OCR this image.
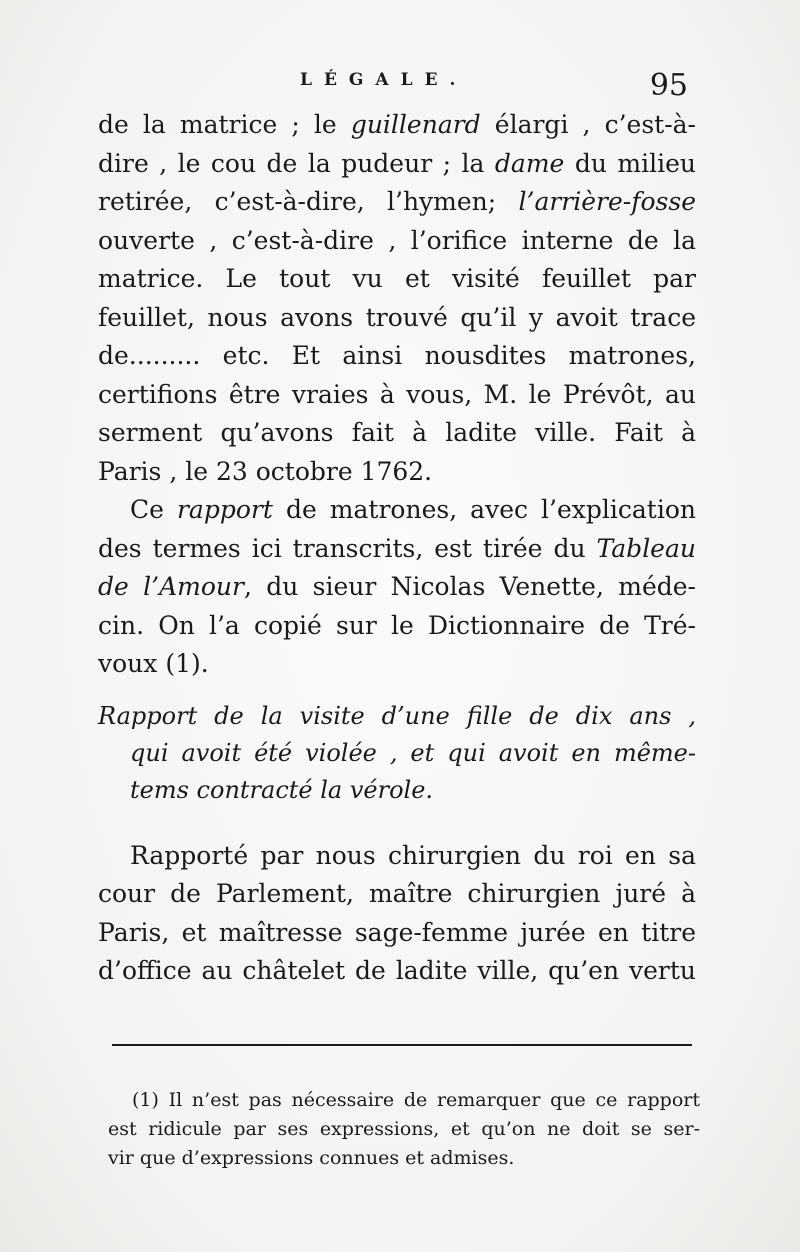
LÉGALE.	95
de la matrice ; le guillenard élargi , c’est-à-
dire , le cou de la pudeur ; la dame du milieu
retirée, c’est-à-dire, l’hymen; l’arrière-fosse
ouverte , c’est-à-dire , l’orifice interne de la
matrice. Le tout vu et visité feuillet par
feuillet, nous avons trouvé qu’il y avoit trace
de......... etc. Et ainsi nousdites matrones,
certifions être vraies à vous, M. le Prévôt, au
serment qu’avons fait à ladite ville. Fait à
Paris , le 23 octobre 1762.
Ce rapport de matrones, avec l’explication
des termes ici transcrits, est tirée du Tableau
de l’Amour, du sieur Nicolas Venette, méde-
cin. On l’a copié sur le Dictionnaire de Tré-
voux (1).
Rapport de la visite d’une fille de dix ans ,
qui avoit été violée , et qui avoit en même-
tems contracté la vérole.
Rapporté par nous chirurgien du roi en sa
cour de Parlement, maître chirurgien juré à
Paris, et maîtresse sage-femme jurée en titre
d’office au châtelet de ladite ville, qu’en vertu
(1) Il n’est pas nécessaire de remarquer que ce rapport
est ridicule par ses expressions, et qu’on ne doit se ser-
vir que d’expressions connues et admises.
